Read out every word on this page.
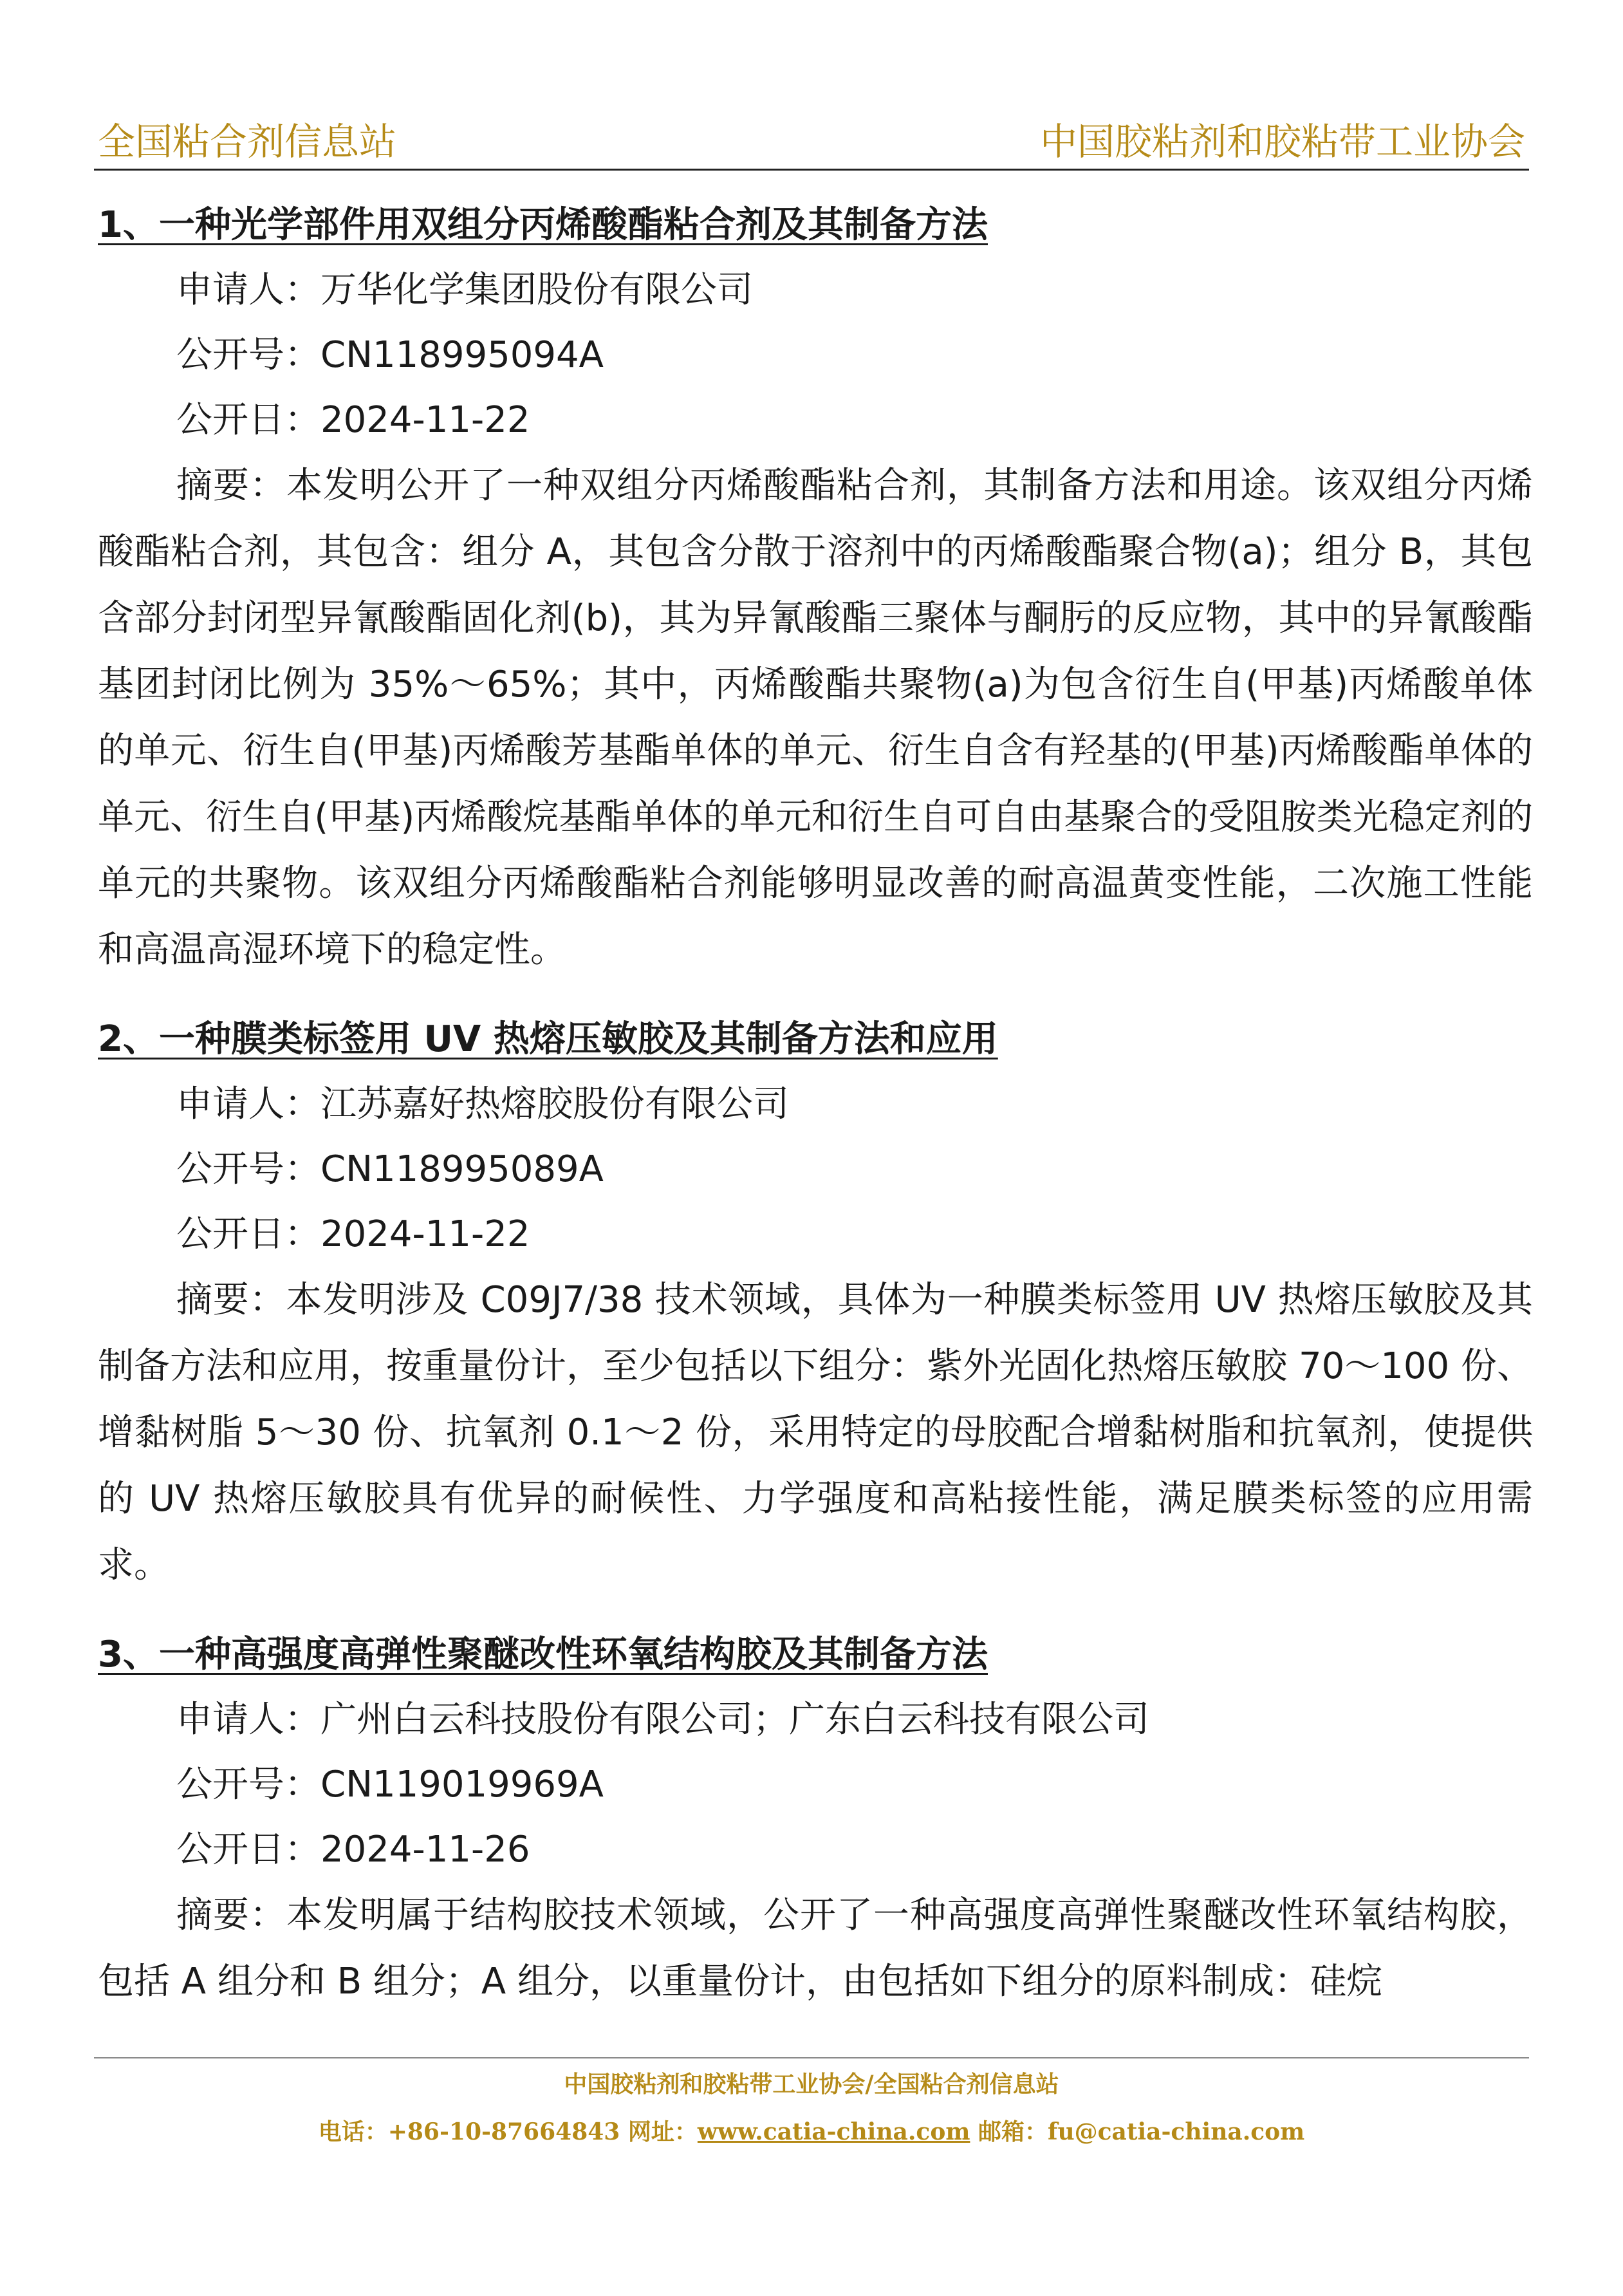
全国粘合剂信息站	中国胶粘剂和胶粘带工业协会
1、一种光学部件用双组分丙烯酸酯粘合剂及其制备方法
申请人：万华化学集团股份有限公司
公开号：CN118995094A
公开日：2024-11-22

摘要：本发明公开了一种双组分丙烯酸酯粘合剂，其制备方法和用途。该双组分丙烯酸酯粘合剂，其包含：组分 A，其包含分散于溶剂中的丙烯酸酯聚合物(a)；组分 B，其包含部分封闭型异氰酸酯固化剂(b)，其为异氰酸酯三聚体与酮肟的反应物，其中的异氰酸酯基团封闭比例为 35%～65%；其中，丙烯酸酯共聚物(a)为包含衍生自(甲基)丙烯酸单体的单元、衍生自(甲基)丙烯酸芳基酯单体的单元、衍生自含有羟基的(甲基)丙烯酸酯单体的单元、衍生自(甲基)丙烯酸烷基酯单体的单元和衍生自可自由基聚合的受阻胺类光稳定剂的单元的共聚物。该双组分丙烯酸酯粘合剂能够明显改善的耐高温黄变性能，二次施工性能和高温高湿环境下的稳定性。

2、一种膜类标签用 UV 热熔压敏胶及其制备方法和应用
申请人：江苏嘉好热熔胶股份有限公司
公开号：CN118995089A
公开日：2024-11-22

摘要：本发明涉及 C09J7/38 技术领域，具体为一种膜类标签用 UV 热熔压敏胶及其制备方法和应用，按重量份计，至少包括以下组分：紫外光固化热熔压敏胶 70～100 份、增黏树脂 5～30 份、抗氧剂 0.1～2 份，采用特定的母胶配合增黏树脂和抗氧剂，使提供的 UV 热熔压敏胶具有优异的耐候性、力学强度和高粘接性能，满足膜类标签的应用需求。

3、一种高强度高弹性聚醚改性环氧结构胶及其制备方法
申请人：广州白云科技股份有限公司；广东白云科技有限公司
公开号：CN119019969A
公开日：2024-11-26

摘要：本发明属于结构胶技术领域，公开了一种高强度高弹性聚醚改性环氧结构胶，包括 A 组分和 B 组分；A 组分，以重量份计，由包括如下组分的原料制成：硅烷

中国胶粘剂和胶粘带工业协会/全国粘合剂信息站
电话：+86-10-87664843 网址：www.catia-china.com 邮箱：fu@catia-china.com
